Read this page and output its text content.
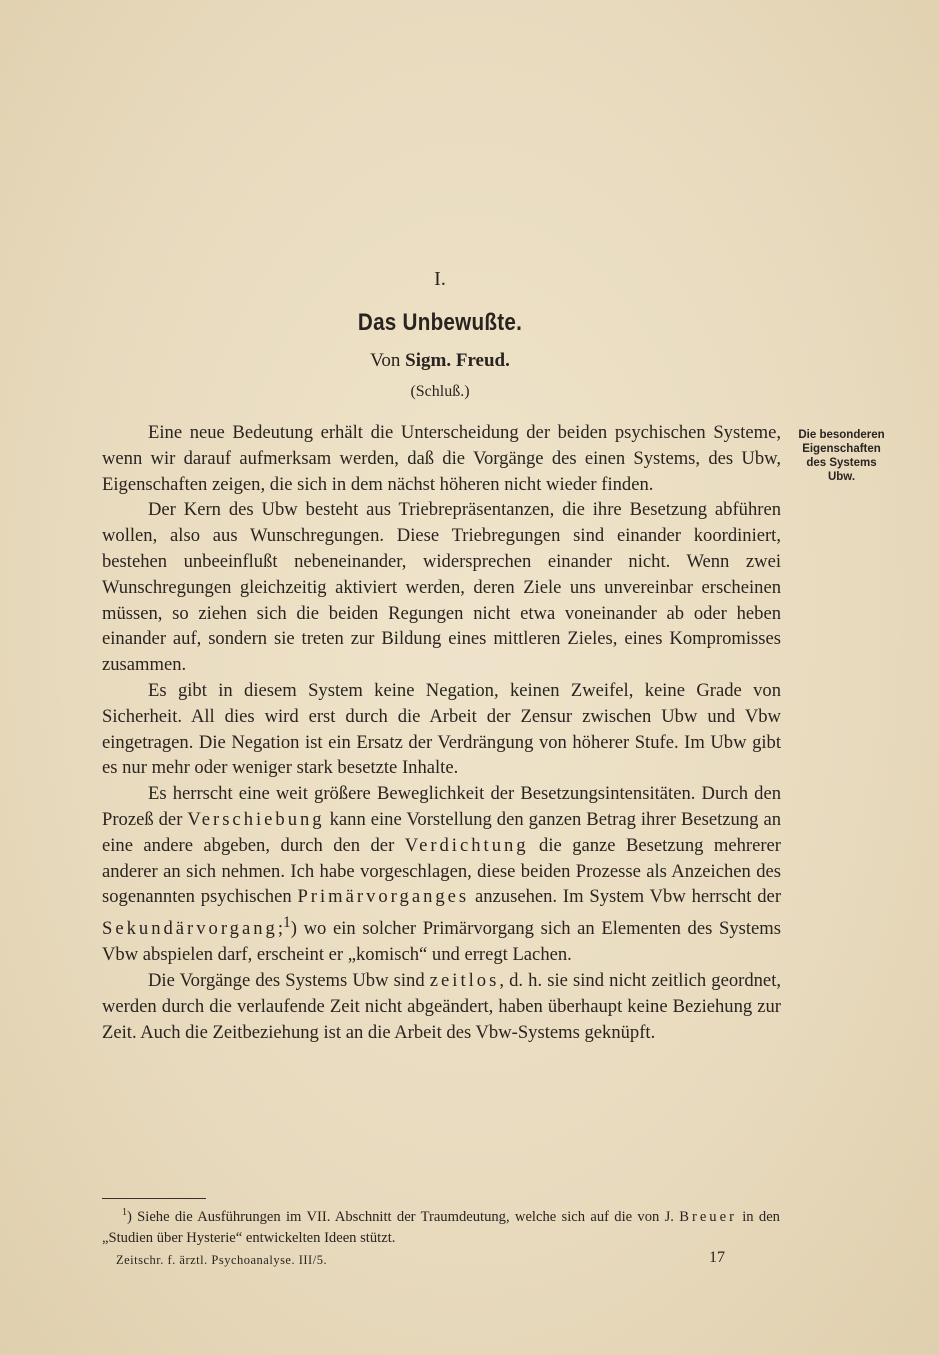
I.
Das Unbewußte.
Von Sigm. Freud.
(Schluß.)
Die besonderen
Eigenschaften
des Systems
Ubw.

Eine neue Bedeutung erhält die Unterscheidung der beiden psychischen Systeme, wenn wir darauf aufmerksam werden, daß die Vorgänge des einen Systems, des Ubw, Eigenschaften zeigen, die sich in dem nächst höheren nicht wieder finden.

Der Kern des Ubw besteht aus Triebrepräsentanzen, die ihre Besetzung abführen wollen, also aus Wunschregungen. Diese Triebregungen sind einander koordiniert, bestehen unbeeinflußt nebeneinander, widersprechen einander nicht. Wenn zwei Wunschregungen gleichzeitig aktiviert werden, deren Ziele uns unvereinbar erscheinen müssen, so ziehen sich die beiden Regungen nicht etwa voneinander ab oder heben einander auf, sondern sie treten zur Bildung eines mittleren Zieles, eines Kompromisses zusammen.

Es gibt in diesem System keine Negation, keinen Zweifel, keine Grade von Sicherheit. All dies wird erst durch die Arbeit der Zensur zwischen Ubw und Vbw eingetragen. Die Negation ist ein Ersatz der Verdrängung von höherer Stufe. Im Ubw gibt es nur mehr oder weniger stark besetzte Inhalte.

Es herrscht eine weit größere Beweglichkeit der Besetzungsintensitäten. Durch den Prozeß der Verschiebung kann eine Vorstellung den ganzen Betrag ihrer Besetzung an eine andere abgeben, durch den der Verdichtung die ganze Besetzung mehrerer anderer an sich nehmen. Ich habe vorgeschlagen, diese beiden Prozesse als Anzeichen des sogenannten psychischen Primärvorganges anzusehen. Im System Vbw herrscht der Sekundärvorgang;$^1$) wo ein solcher Primärvorgang sich an Elementen des Systems Vbw abspielen darf, erscheint er „komisch“ und erregt Lachen.

Die Vorgänge des Systems Ubw sind zeitlos, d. h. sie sind nicht zeitlich geordnet, werden durch die verlaufende Zeit nicht abgeändert, haben überhaupt keine Beziehung zur Zeit. Auch die Zeitbeziehung ist an die Arbeit des Vbw-Systems geknüpft.

$^1$) Siehe die Ausführungen im VII. Abschnitt der Traumdeutung, welche sich auf die von J. Breuer in den „Studien über Hysterie“ entwickelten Ideen stützt.

Zeitschr. f. ärztl. Psychoanalyse. III/5.	17
